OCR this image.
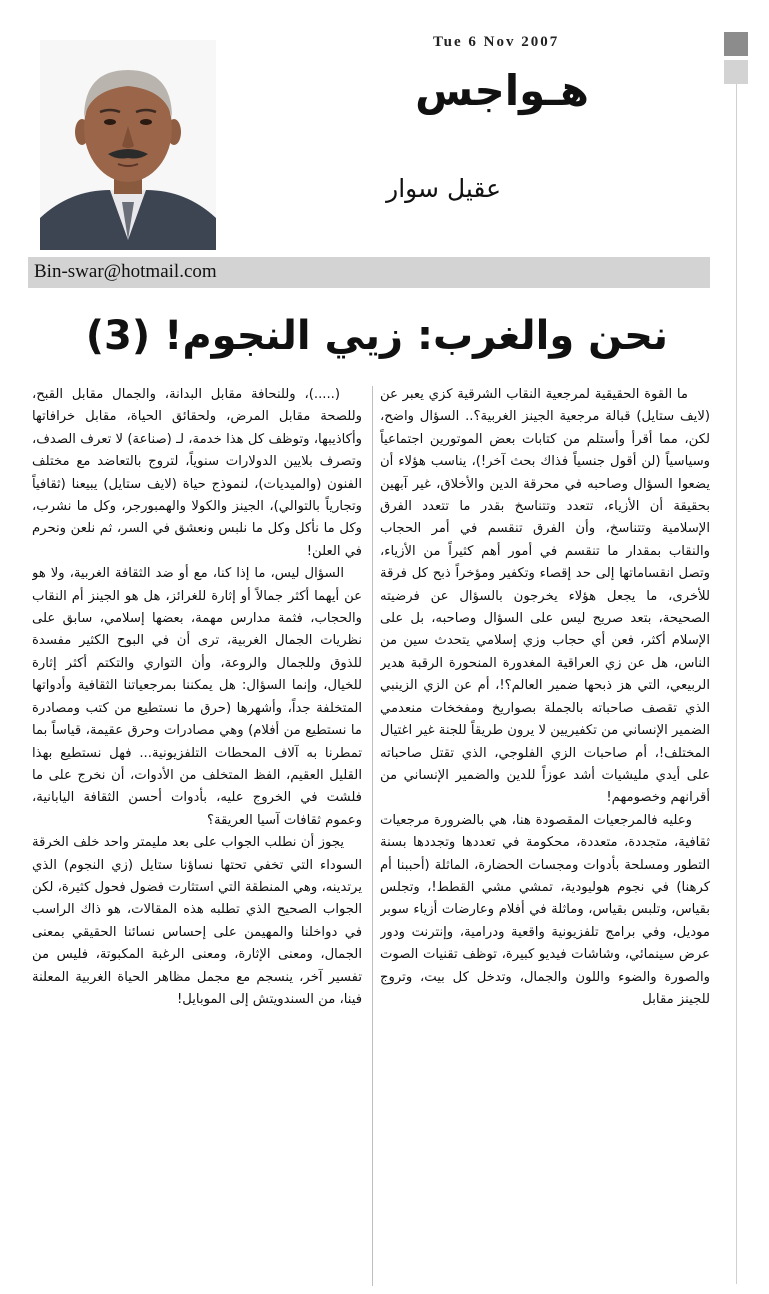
Tue 6 Nov 2007
هـواجس
عقيل سوار
Bin-swar@hotmail.com
نحن والغرب: زيي النجوم! (3)

ما القوة الحقيقية لمرجعية النقاب الشرقية كزي يعبر عن (لايف ستايل) قبالة مرجعية الجينز الغربية؟.. السؤال واضح، لكن، مما أقرأ وأستلم من كتابات بعض الموتورين اجتماعياً وسياسياً (لن أقول جنسياً فذاك بحث آخر!)، يناسب هؤلاء أن يضعوا السؤال وصاحبه في محرقة الدين والأخلاق، غير آبهين بحقيقة أن الأزياء، تتعدد وتتناسخ بقدر ما تتعدد الفرق الإسلامية وتتناسخ، وأن الفرق تنقسم في أمر الحجاب والنقاب بمقدار ما تنقسم في أمور أهم كثيراً من الأزياء، وتصل انقساماتها إلى حد إقصاء وتكفير ومؤخراً ذبح كل فرقة للأخرى، ما يجعل هؤلاء يخرجون بالسؤال عن فرضيته الصحيحة، بتعد صريح ليس على السؤال وصاحبه، بل على الإسلام أكثر، فعن أي حجاب وزي إسلامي يتحدث سين من الناس، هل عن زي العراقية المغدورة المنحورة الرقبة هدير الربيعي، التي هز ذبحها ضمير العالم؟!، أم عن الزي الزينبي الذي تقصف صاحباته بالجملة بصواريخ ومفخخات منعدمي الضمير الإنساني من تكفيريين لا يرون طريقاً للجنة غير اغتيال المختلف!، أم صاحبات الزي الفلوجي، الذي تقتل صاحباته على أيدي مليشيات أشد عوزاً للدين والضمير الإنساني من أقرانهم وخصومهم!

وعليه فالمرجعيات المقصودة هنا، هي بالضرورة مرجعيات ثقافية، متجددة، متعددة، محكومة في تعددها وتجددها بسنة التطور ومسلحة بأدوات ومجسات الحضارة، الماثلة (أحببنا أم كرهنا) في نجوم هوليودية، تمشي مشي القطط!، وتجلس بقياس، وتلبس بقياس، وماثلة في أفلام وعارضات أزياء سوبر موديل، وفي برامج تلفزيونية واقعية ودرامية، وإنترنت ودور عرض سينمائي، وشاشات فيديو كبيرة، توظف تقنيات الصوت والصورة والضوء واللون والجمال، وتدخل كل بيت، وتروج للجينز مقابل

(.....)، وللنحافة مقابل البدانة، والجمال مقابل القبح، وللصحة مقابل المرض، ولحقائق الحياة، مقابل خرافاتها وأكاذيبها، وتوظف كل هذا خدمة، لـ (صناعة) لا تعرف الصدف، وتصرف بلايين الدولارات سنوياً، لتروج بالتعاضد مع مختلف الفنون (والميديات)، لنموذج حياة (لايف ستايل) يبيعنا (ثقافياً وتجارياً بالتوالي)، الجينز والكولا والهمبورجر، وكل ما نشرب، وكل ما نأكل وكل ما نلبس ونعشق في السر، ثم نلعن ونحرم في العلن!

السؤال ليس، ما إذا كنا، مع أو ضد الثقافة الغربية، ولا هو عن أيهما أكثر جمالاً أو إثارة للغرائز، هل هو الجينز أم النقاب والحجاب، فثمة مدارس مهمة، بعضها إسلامي، سابق على نظريات الجمال الغربية، ترى أن في البوح الكثير مفسدة للذوق وللجمال والروعة، وأن التواري والتكتم أكثر إثارة للخيال، وإنما السؤال: هل يمكننا بمرجعياتنا الثقافية وأدواتها المتخلفة جداً، وأشهرها (حرق ما نستطيع من كتب ومصادرة ما نستطيع من أفلام) وهي مصادرات وحرق عقيمة، قياساً بما تمطرنا به آلاف المحطات التلفزيونية... فهل نستطيع بهذا القليل العقيم، الفظ المتخلف من الأدوات، أن نخرج على ما فلشت في الخروج عليه، بأدوات أحسن الثقافة اليابانية، وعموم ثقافات آسيا العريقة؟

يجوز أن نطلب الجواب على بعد مليمتر واحد خلف الخرقة السوداء التي تخفي تحتها نساؤنا ستايل (زي النجوم) الذي يرتدينه، وهي المنطقة التي استثارت فضول فحول كثيرة، لكن الجواب الصحيح الذي تطلبه هذه المقالات، هو ذاك الراسب في دواخلنا والمهيمن على إحساس نسائنا الحقيقي بمعنى الجمال، ومعنى الإثارة، ومعنى الرغبة المكبوتة، فليس من تفسير آخر، ينسجم مع مجمل مظاهر الحياة الغربية المعلنة فينا، من السندويتش إلى الموبايل!
